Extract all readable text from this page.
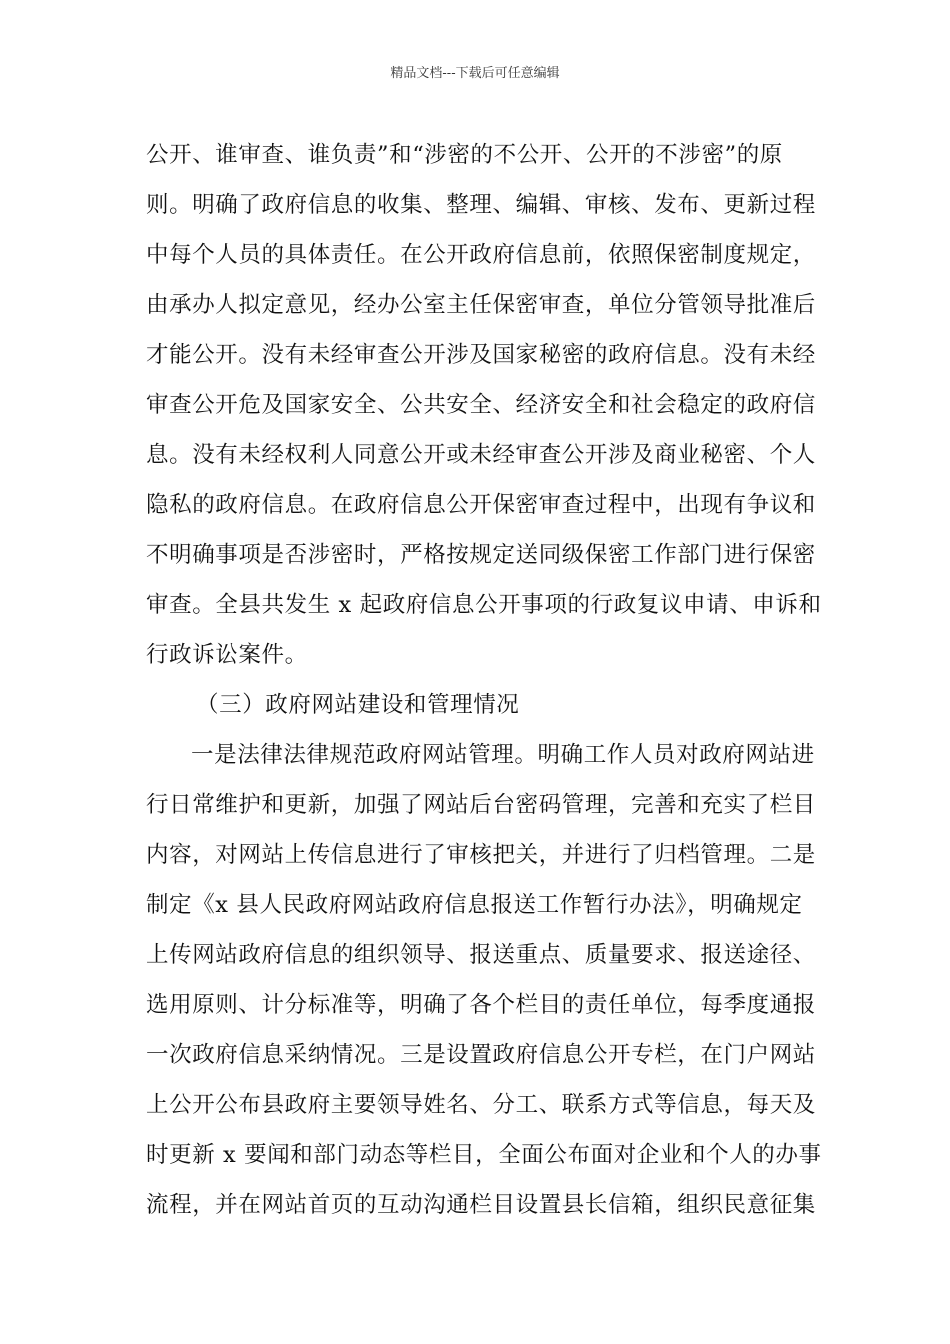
精品文档---下载后可任意编辑
公开、谁审查、谁负责”和“涉密的不公开、公开的不涉密”的原
则。明确了政府信息的收集、整理、编辑、审核、发布、更新过程
中每个人员的具体责任。在公开政府信息前，依照保密制度规定，
由承办人拟定意见，经办公室主任保密审查，单位分管领导批准后
才能公开。没有未经审查公开涉及国家秘密的政府信息。没有未经
审查公开危及国家安全、公共安全、经济安全和社会稳定的政府信
息。没有未经权利人同意公开或未经审查公开涉及商业秘密、个人
隐私的政府信息。在政府信息公开保密审查过程中，出现有争议和
不明确事项是否涉密时，严格按规定送同级保密工作部门进行保密
审查。全县共发生 x 起政府信息公开事项的行政复议申请、申诉和
行政诉讼案件。
（三）政府网站建设和管理情况
一是法律法律规范政府网站管理。明确工作人员对政府网站进
行日常维护和更新，加强了网站后台密码管理，完善和充实了栏目
内容，对网站上传信息进行了审核把关，并进行了归档管理。二是
制定《x 县人民政府网站政府信息报送工作暂行办法》，明确规定
上传网站政府信息的组织领导、报送重点、质量要求、报送途径、
选用原则、计分标准等，明确了各个栏目的责任单位，每季度通报
一次政府信息采纳情况。三是设置政府信息公开专栏，在门户网站
上公开公布县政府主要领导姓名、分工、联系方式等信息，每天及
时更新 x 要闻和部门动态等栏目，全面公布面对企业和个人的办事
流程，并在网站首页的互动沟通栏目设置县长信箱，组织民意征集
